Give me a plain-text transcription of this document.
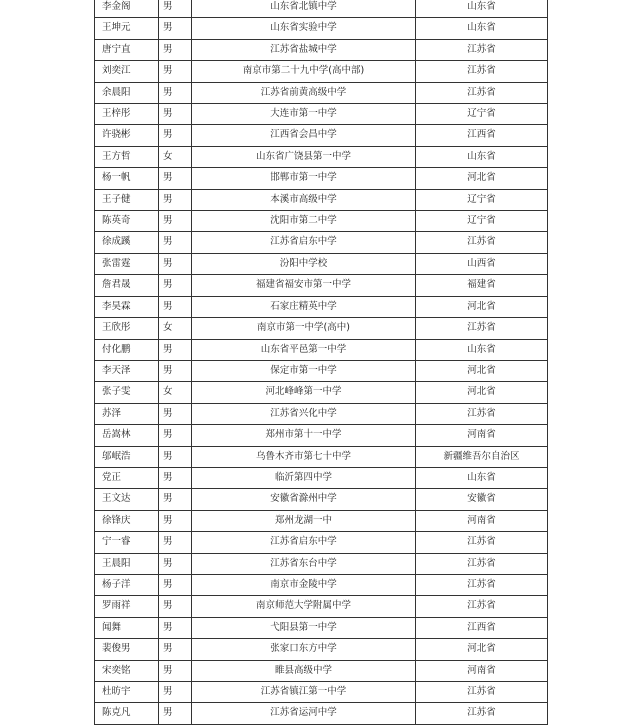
李金阁	男	山东省北镇中学	山东省
王坤元	男	山东省实验中学	山东省
唐宁直	男	江苏省盐城中学	江苏省
刘奕江	男	南京市第二十九中学(高中部)	江苏省
余晨阳	男	江苏省前黄高级中学	江苏省
王梓彤	男	大连市第一中学	辽宁省
许骁彬	男	江西省会昌中学	江西省
王方哲	女	山东省广饶县第一中学	山东省
杨一帆	男	邯郸市第一中学	河北省
王子健	男	本溪市高级中学	辽宁省
陈英奇	男	沈阳市第二中学	辽宁省
徐成蹊	男	江苏省启东中学	江苏省
张雷霆	男	汾阳中学校	山西省
詹君晟	男	福建省福安市第一中学	福建省
李昊霖	男	石家庄精英中学	河北省
王欣彤	女	南京市第一中学(高中)	江苏省
付化鹏	男	山东省平邑第一中学	山东省
李天泽	男	保定市第一中学	河北省
张子雯	女	河北峰峰第一中学	河北省
苏泽	男	江苏省兴化中学	江苏省
岳嵩林	男	郑州市第十一中学	河南省
邬岷浩	男	乌鲁木齐市第七十中学	新疆维吾尔自治区
党正	男	临沂第四中学	山东省
王文达	男	安徽省滁州中学	安徽省
徐锋庆	男	郑州龙湖一中	河南省
宁一睿	男	江苏省启东中学	江苏省
王晨阳	男	江苏省东台中学	江苏省
杨子洋	男	南京市金陵中学	江苏省
罗雨祥	男	南京师范大学附属中学	江苏省
闻舞	男	弋阳县第一中学	江西省
裴俊男	男	张家口东方中学	河北省
宋奕铭	男	睢县高级中学	河南省
杜昉宇	男	江苏省镇江第一中学	江苏省
陈克凡	男	江苏省运河中学	江苏省
